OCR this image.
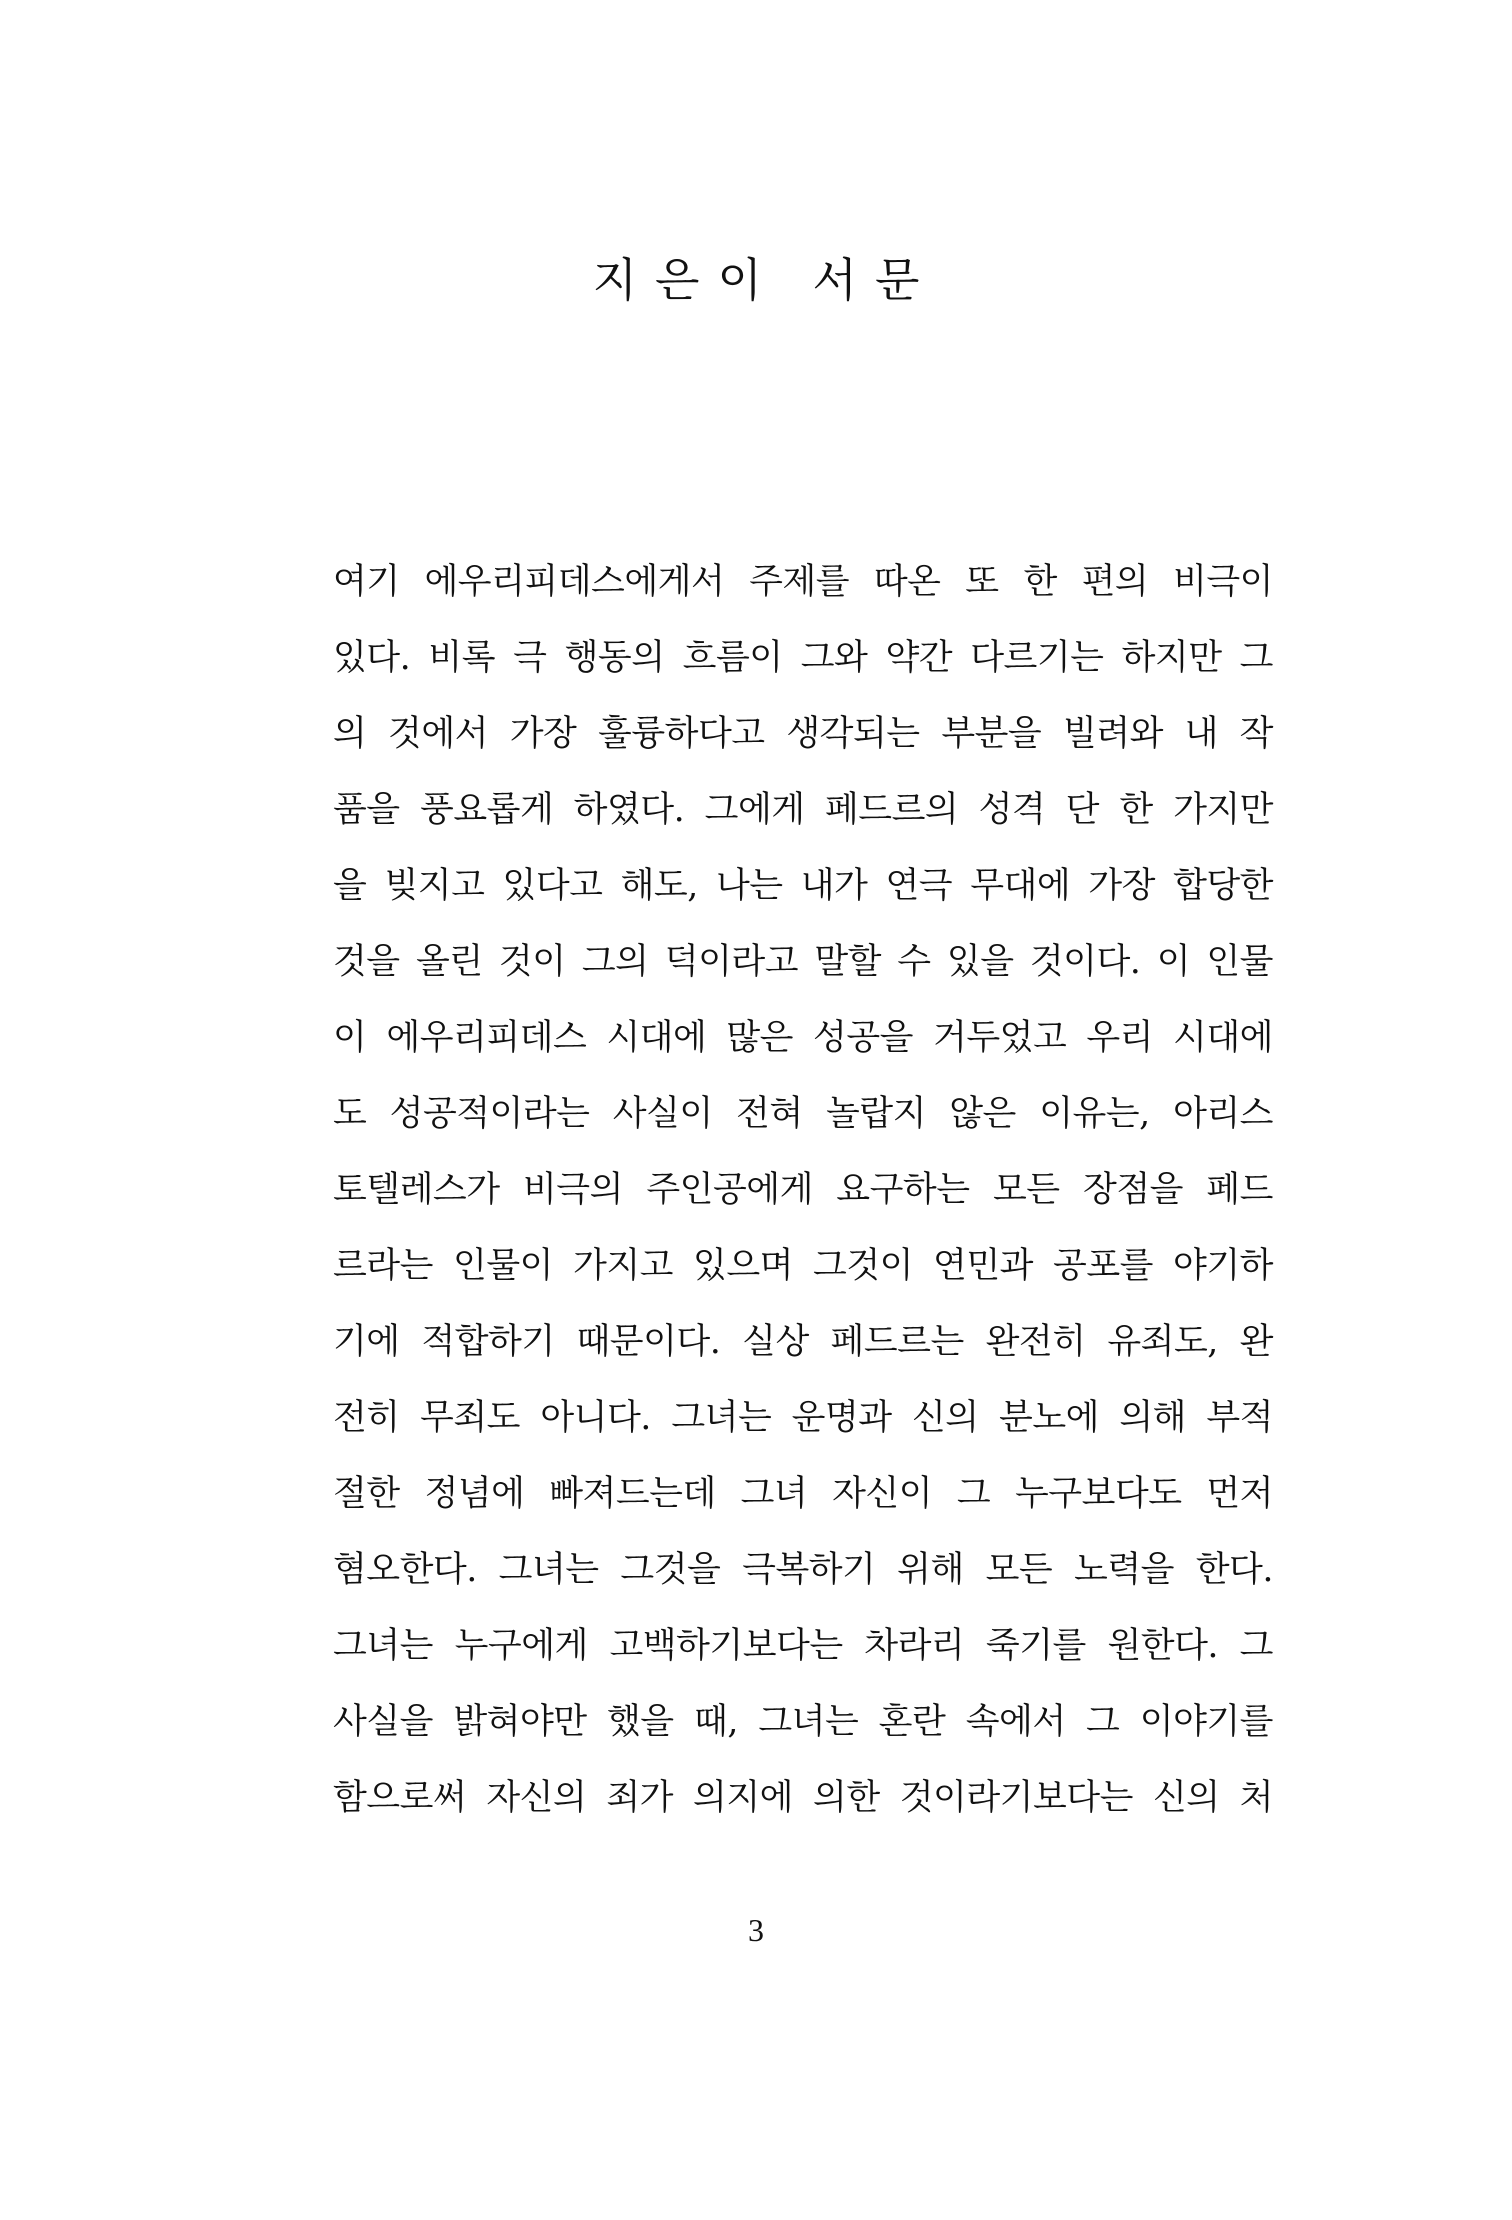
지은이 서문
여기 에우리피데스에게서 주제를 따온 또 한 편의 비극이
있다. 비록 극 행동의 흐름이 그와 약간 다르기는 하지만 그
의 것에서 가장 훌륭하다고 생각되는 부분을 빌려와 내 작
품을 풍요롭게 하였다. 그에게 페드르의 성격 단 한 가지만
을 빚지고 있다고 해도, 나는 내가 연극 무대에 가장 합당한
것을 올린 것이 그의 덕이라고 말할 수 있을 것이다. 이 인물
이 에우리피데스 시대에 많은 성공을 거두었고 우리 시대에
도 성공적이라는 사실이 전혀 놀랍지 않은 이유는, 아리스
토텔레스가 비극의 주인공에게 요구하는 모든 장점을 페드
르라는 인물이 가지고 있으며 그것이 연민과 공포를 야기하
기에 적합하기 때문이다. 실상 페드르는 완전히 유죄도, 완
전히 무죄도 아니다. 그녀는 운명과 신의 분노에 의해 부적
절한 정념에 빠져드는데 그녀 자신이 그 누구보다도 먼저
혐오한다. 그녀는 그것을 극복하기 위해 모든 노력을 한다.
그녀는 누구에게 고백하기보다는 차라리 죽기를 원한다. 그
사실을 밝혀야만 했을 때, 그녀는 혼란 속에서 그 이야기를
함으로써 자신의 죄가 의지에 의한 것이라기보다는 신의 처
3
